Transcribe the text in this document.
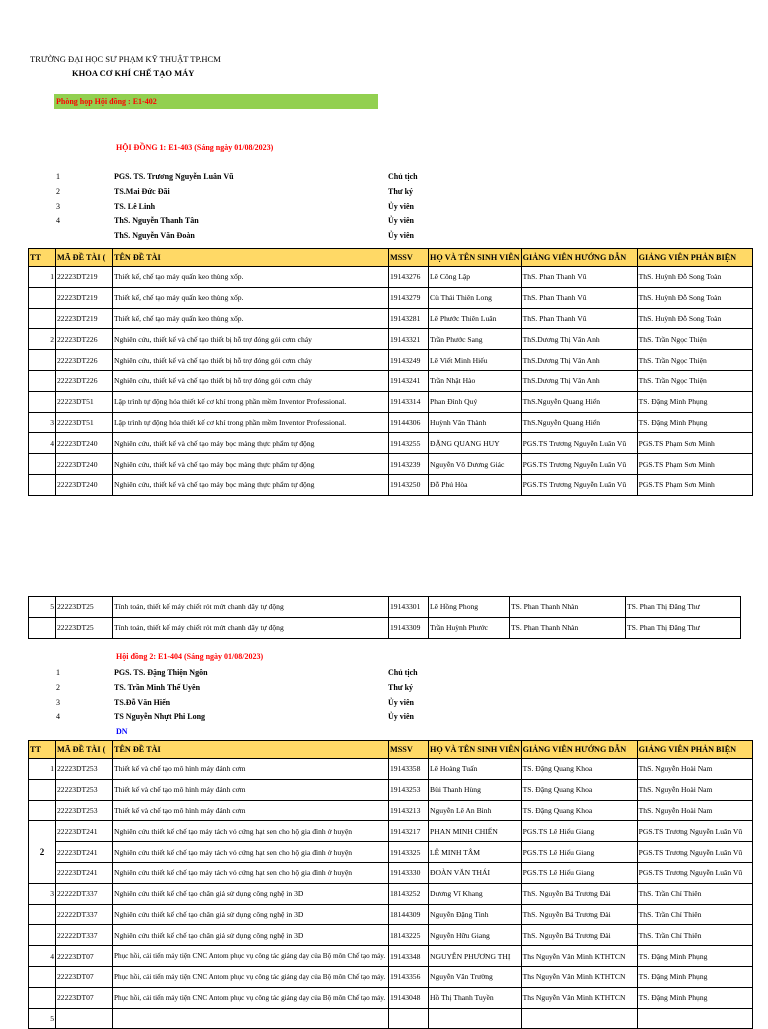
TRƯỜNG ĐẠI HỌC SƯ PHẠM KỸ THUẬT TP.HCM
KHOA CƠ KHÍ CHẾ TẠO MÁY
Phòng họp Hội đồng : E1-402
HỘI ĐỒNG 1: E1-403 (Sáng ngày 01/08/2023)
1	PGS. TS. Trương Nguyễn Luân Vũ	Chủ tịch
2	TS.Mai Đức Đãi	Thư ký
3	TS. Lê Linh	Ủy viên
4	ThS. Nguyễn Thanh Tân	Ủy viên
ThS. Nguyễn Văn Đoàn	Ủy viên
TT	MÃ ĐỀ TÀI (	TÊN ĐỀ TÀI	MSSV	HỌ VÀ TÊN SINH VIÊN	GIẢNG VIÊN HƯỚNG DẪN	GIẢNG VIÊN PHẢN BIỆN
1	22223DT219	Thiết kế, chế tạo máy quấn keo thùng xốp.	19143276	Lê Công Lập	ThS. Phan Thanh Vũ	ThS. Huỳnh Đỗ Song Toàn
	22223DT219	Thiết kế, chế tạo máy quấn keo thùng xốp.	19143279	Cù Thái Thiên Long	ThS. Phan Thanh Vũ	ThS. Huỳnh Đỗ Song Toàn
	22223DT219	Thiết kế, chế tạo máy quấn keo thùng xốp.	19143281	Lê Phước Thiên Luân	ThS. Phan Thanh Vũ	ThS. Huỳnh Đỗ Song Toàn
2	22223DT226	Nghiên cứu, thiết kế và chế tạo thiết bị hỗ trợ đóng gói cơm cháy	19143321	Trần Phước Sang	ThS.Dương Thị Vân Anh	ThS. Trần Ngọc Thiện
	22223DT226	Nghiên cứu, thiết kế và chế tạo thiết bị hỗ trợ đóng gói cơm cháy	19143249	Lê Viết Minh Hiếu	ThS.Dương Thị Vân Anh	ThS. Trần Ngọc Thiện
	22223DT226	Nghiên cứu, thiết kế và chế tạo thiết bị hỗ trợ đóng gói cơm cháy	19143241	Trần Nhật Hào	ThS.Dương Thị Vân Anh	ThS. Trần Ngọc Thiện
	22223DT51	Lập trình tự động hóa thiết kế cơ khí trong phần mềm Inventor Professional.	19143314	Phan Đình Quý	ThS.Nguyễn Quang Hiển	TS. Đặng Minh Phụng
3	22223DT51	Lập trình tự động hóa thiết kế cơ khí trong phần mềm Inventor Professional.	19144306	Huỳnh Văn Thành	ThS.Nguyễn Quang Hiển	TS. Đặng Minh Phụng
4	22223DT240	Nghiên cứu, thiết kế và chế tạo máy bọc màng thực phẩm tự động	19143255	ĐẶNG QUANG HUY	PGS.TS Trương Nguyễn Luân Vũ	PGS.TS Phạm Sơn Minh
	22223DT240	Nghiên cứu, thiết kế và chế tạo máy bọc màng thực phẩm tự động	19143239	Nguyễn Võ Dương Giác	PGS.TS Trương Nguyễn Luân Vũ	PGS.TS Phạm Sơn Minh
	22223DT240	Nghiên cứu, thiết kế và chế tạo máy bọc màng thực phẩm tự động	19143250	Đỗ Phú Hòa	PGS.TS Trương Nguyễn Luân Vũ	PGS.TS Phạm Sơn Minh
5	22223DT25	Tính toán, thiết kế máy chiết rót mứt chanh dây tự động	19143301	Lê Hồng Phong	TS. Phan Thanh Nhàn	TS. Phan Thị Đăng Thư
	22223DT25	Tính toán, thiết kế máy chiết rót mứt chanh dây tự động	19143309	Trần Huỳnh Phước	TS. Phan Thanh Nhàn	TS. Phan Thị Đăng Thư
Hội đồng 2: E1-404 (Sáng ngày 01/08/2023)
1	PGS. TS. Đặng Thiện Ngôn	Chủ tịch
2	TS. Trần Minh Thế Uyên	Thư ký
3	TS.Đỗ Văn Hiến	Ủy viên
4	TS Nguyễn Nhựt Phi Long	Ủy viên
DN
TT	MÃ ĐỀ TÀI (	TÊN ĐỀ TÀI	MSSV	HỌ VÀ TÊN SINH VIÊN	GIẢNG VIÊN HƯỚNG DẪN	GIẢNG VIÊN PHẢN BIỆN
1	22223DT253	Thiết kế và chế tạo mô hình máy đánh cơm	19143358	Lê Hoàng Tuấn	TS. Đặng Quang Khoa	ThS. Nguyễn Hoài Nam
	22223DT253	Thiết kế và chế tạo mô hình máy đánh cơm	19143253	Bùi Thanh Hùng	TS. Đặng Quang Khoa	ThS. Nguyễn Hoài Nam
	22223DT253	Thiết kế và chế tạo mô hình máy đánh cơm	19143213	Nguyễn Lê An Bình	TS. Đặng Quang Khoa	ThS. Nguyễn Hoài Nam
2	22223DT241	Nghiên cứu thiết kế chế tạo máy tách vỏ cứng hạt sen cho hộ gia đình ở huyện	19143217	PHAN MINH CHIẾN	PGS.TS Lê Hiếu Giang	PGS.TS Trương Nguyễn Luân Vũ
	22223DT241	Nghiên cứu thiết kế chế tạo máy tách vỏ cứng hạt sen cho hộ gia đình ở huyện	19143325	LÊ MINH TÂM	PGS.TS Lê Hiếu Giang	PGS.TS Trương Nguyễn Luân Vũ
	22223DT241	Nghiên cứu thiết kế chế tạo máy tách vỏ cứng hạt sen cho hộ gia đình ở huyện	19143330	ĐOÀN VĂN THÁI	PGS.TS Lê Hiếu Giang	PGS.TS Trương Nguyễn Luân Vũ
3	22222DT337	Nghiên cứu thiết kế chế tạo chân giả sử dụng công nghệ in 3D	18143252	Dương Vĩ Khang	ThS. Nguyễn Bá Trương Đài	ThS. Trần Chí Thiên
	22222DT337	Nghiên cứu thiết kế chế tạo chân giả sử dụng công nghệ in 3D	18144309	Nguyễn Đặng Tình	ThS. Nguyễn Bá Trương Đài	ThS. Trần Chí Thiên
	22222DT337	Nghiên cứu thiết kế chế tạo chân giả sử dụng công nghệ in 3D	18143225	Nguyễn Hữu Giang	ThS. Nguyễn Bá Trương Đài	ThS. Trần Chí Thiên
4	22223DT07	Phục hồi, cải tiến máy tiện CNC Antom phục vụ công tác giảng dạy của Bộ môn Chế tạo máy.	19143348	NGUYỄN PHƯƠNG THỊ	Ths Nguyễn Văn Minh KTHTCN	TS. Đặng Minh Phụng
	22223DT07	Phục hồi, cải tiến máy tiện CNC Antom phục vụ công tác giảng dạy của Bộ môn Chế tạo máy.	19143356	Nguyễn Văn Trường	Ths Nguyễn Văn Minh KTHTCN	TS. Đặng Minh Phụng
	22223DT07	Phục hồi, cải tiến máy tiện CNC Antom phục vụ công tác giảng dạy của Bộ môn Chế tạo máy.	19143048	Hồ Thị Thanh Tuyền	Ths Nguyễn Văn Minh KTHTCN	TS. Đặng Minh Phụng
5						
